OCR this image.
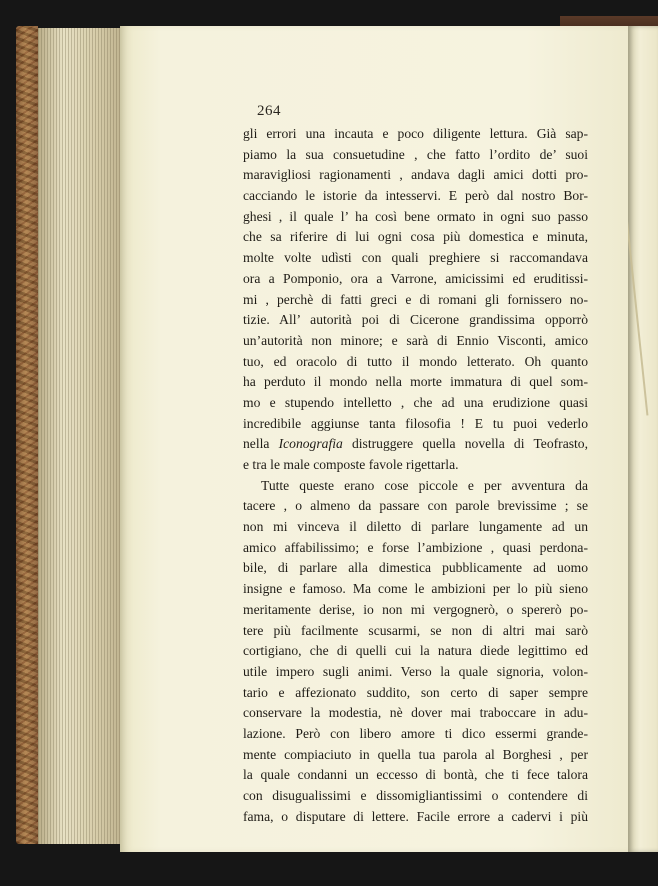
264
gli errori una incauta e poco diligente lettura. Già sap-
piamo la sua consuetudine , che fatto l’ordito de’ suoi
maravigliosi ragionamenti , andava dagli amici dotti pro-
cacciando le istorie da intesservi. E però dal nostro Bor-
ghesi , il quale l’ ha così bene ormato in ogni suo passo
che sa riferire di lui ogni cosa più domestica e minuta,
molte volte udìsti con quali preghiere si raccomandava
ora a Pomponio, ora a Varrone, amicissimi ed eruditissi-
mi , perchè di fatti greci e di romani gli fornissero no-
tizie. All’ autorità poi di Cicerone grandissima opporrò
un’autorità non minore; e sarà di Ennio Visconti, amico
tuo, ed oracolo di tutto il mondo letterato. Oh quanto
ha perduto il mondo nella morte immatura di quel som-
mo e stupendo intelletto , che ad una erudizione quasi
incredibile aggiunse tanta filosofia ! E tu puoi vederlo
nella Iconografia distruggere quella novella di Teofrasto,
e tra le male composte favole rigettarla.
Tutte queste erano cose piccole e per avventura da
tacere , o almeno da passare con parole brevissime ; se
non mi vinceva il diletto di parlare lungamente ad un
amico affabilissimo; e forse l’ambizione , quasi perdona-
bile, di parlare alla dimestica pubblicamente ad uomo
insigne e famoso. Ma come le ambizioni per lo più sieno
meritamente derise, io non mi vergognerò, o spererò po-
tere più facilmente scusarmi, se non di altri mai sarò
cortigiano, che di quelli cui la natura diede legittimo ed
utile impero sugli animi. Verso la quale signoria, volon-
tario e affezionato suddito, son certo di saper sempre
conservare la modestia, nè dover mai traboccare in adu-
lazione. Però con libero amore ti dico essermi grande-
mente compiaciuto in quella tua parola al Borghesi , per
la quale condanni un eccesso di bontà, che ti fece talora
con disugualissimi e dissomigliantissimi o contendere di
fama, o disputare di lettere. Facile errore a cadervi i più
